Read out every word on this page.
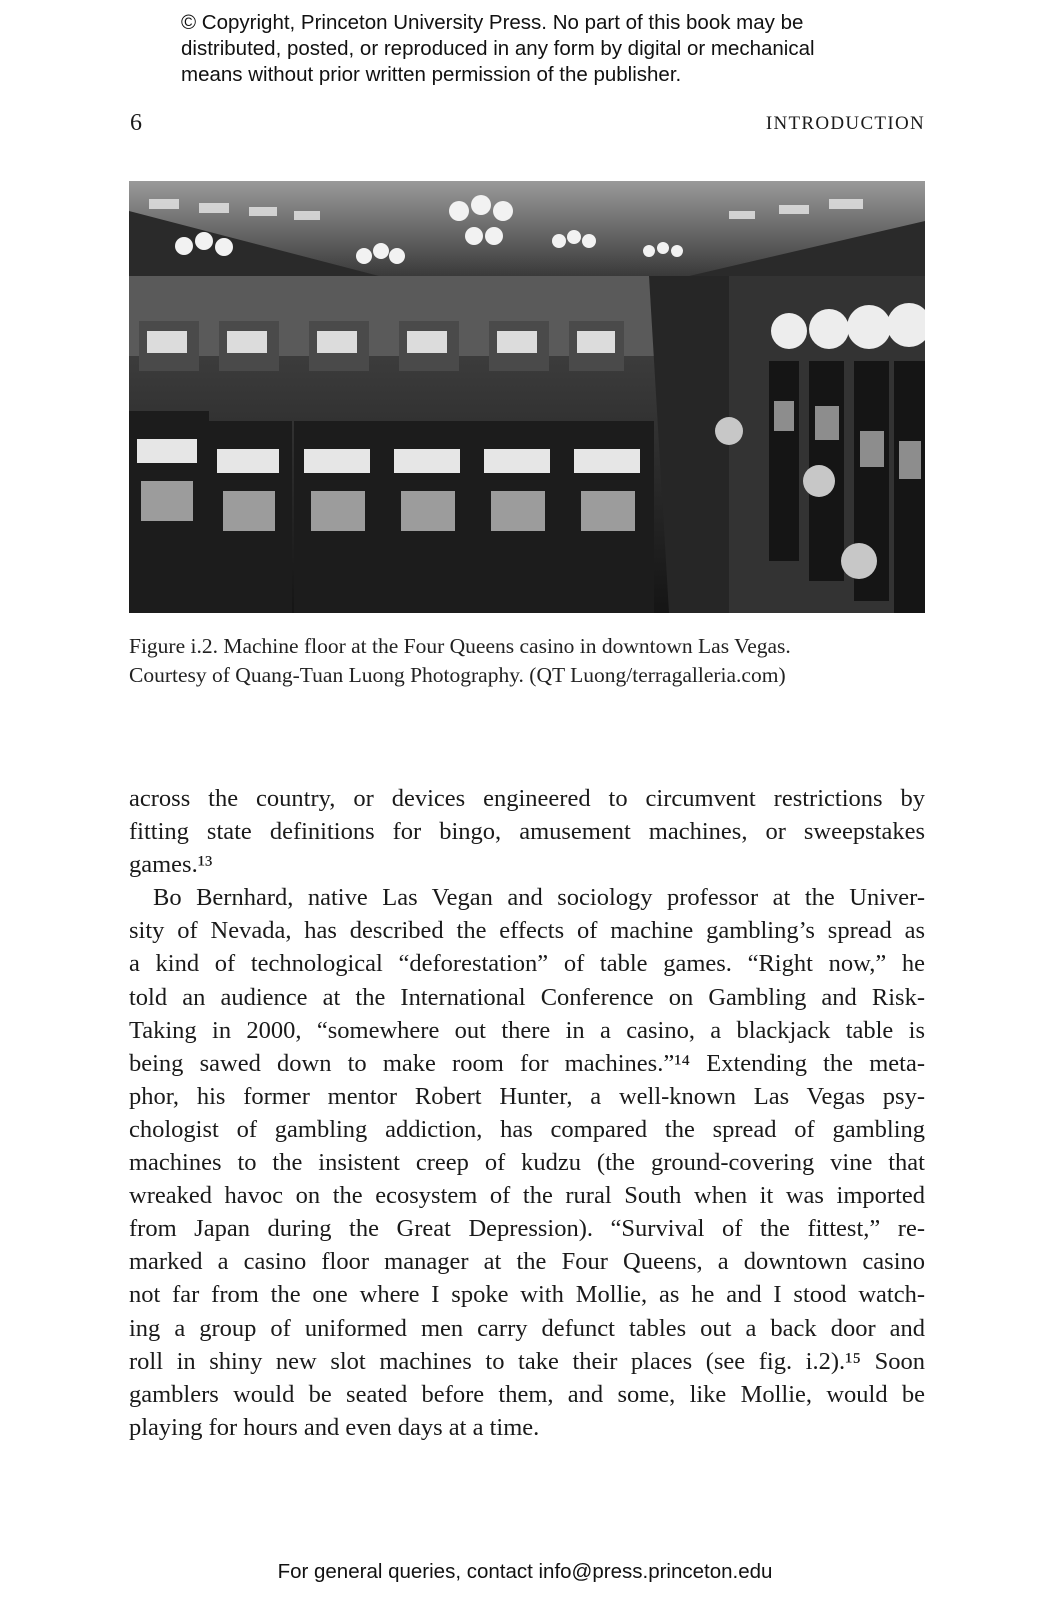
© Copyright, Princeton University Press. No part of this book may be
distributed, posted, or reproduced in any form by digital or mechanical
means without prior written permission of the publisher.
6	INTRODUCTION
Figure i.2. Machine floor at the Four Queens casino in downtown Las Vegas.
Courtesy of Quang-Tuan Luong Photography. (QT Luong/terragalleria.com)
across the country, or devices engineered to circumvent restrictions by
fitting state definitions for bingo, amusement machines, or sweepstakes
games.¹³
Bo Bernhard, native Las Vegan and sociology professor at the Univer-
sity of Nevada, has described the effects of machine gambling’s spread as
a kind of technological “deforestation” of table games. “Right now,” he
told an audience at the International Conference on Gambling and Risk-
Taking in 2000, “somewhere out there in a casino, a blackjack table is
being sawed down to make room for machines.”¹⁴ Extending the meta-
phor, his former mentor Robert Hunter, a well-known Las Vegas psy-
chologist of gambling addiction, has compared the spread of gambling
machines to the insistent creep of kudzu (the ground-covering vine that
wreaked havoc on the ecosystem of the rural South when it was imported
from Japan during the Great Depression). “Survival of the fittest,” re-
marked a casino floor manager at the Four Queens, a downtown casino
not far from the one where I spoke with Mollie, as he and I stood watch-
ing a group of uniformed men carry defunct tables out a back door and
roll in shiny new slot machines to take their places (see fig. i.2).¹⁵ Soon
gamblers would be seated before them, and some, like Mollie, would be
playing for hours and even days at a time.
For general queries, contact info@press.princeton.edu
